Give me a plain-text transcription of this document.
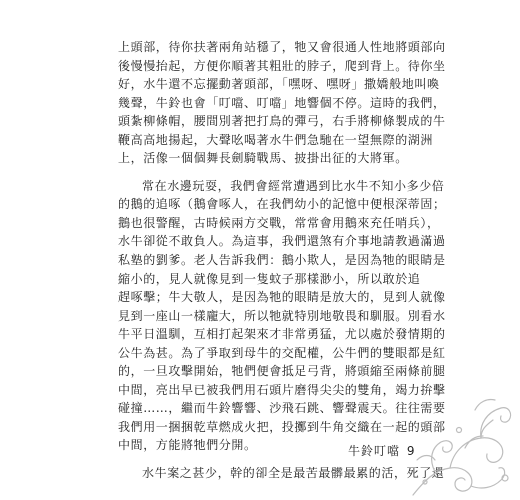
上頭部，待你扶著兩角站穩了，牠又會很通人性地將頭部向
後慢慢抬起，方便你順著其粗壯的脖子，爬到背上。待你坐
好，水牛還不忘擺動著頭部，「嘿呀、嘿呀」撒嬌般地叫喚
幾聲，牛鈴也會「叮噹、叮噹」地響個不停。這時的我們，
頭紮柳條帽，腰間別著把打鳥的彈弓，右手將柳條製成的牛
鞭高高地揚起，大聲吆喝著水牛們急馳在一望無際的湖洲
上，活像一個個舞長劍騎戰馬、披掛出征的大將軍。
常在水邊玩耍，我們會經常遭遇到比水牛不知小多少倍
的鵝的追啄（鵝會啄人，在我們幼小的記憶中便根深蒂固；
鵝也很警醒，古時候兩方交戰，常常會用鵝來充任哨兵），
水牛卻從不敢負人。為這事，我們還煞有介事地請教過滿過
私塾的劉爹。老人告訴我們：鵝小欺人，是因為牠的眼睛是
縮小的，見人就像見到一隻蚊子那樣渺小，所以敢於追
趕啄擊；牛大敬人，是因為牠的眼睛是放大的，見到人就像
見到一座山一樣龐大，所以牠就特別地敬畏和馴服。別看水
牛平日溫馴，互相打起架來才非常勇猛，尤以處於發情期的
公牛為甚。為了爭取到母牛的交配權，公牛們的雙眼都是紅
的，一旦攻擊開始，牠們便會抵足弓背，將頭縮至兩條前腿
中間，亮出早已被我們用石頭片磨得尖尖的雙角，竭力拚擊
碰撞……，繼而牛鈴響響、沙飛石跳、響聲震天。往往需要
我們用一捆捆乾草燃成火把，投擲到牛角交織在一起的頭部
中間，方能將牠們分開。
水牛案之甚少，幹的卻全是最苦最髒最累的活，死了還
牛鈴叮噹 9
